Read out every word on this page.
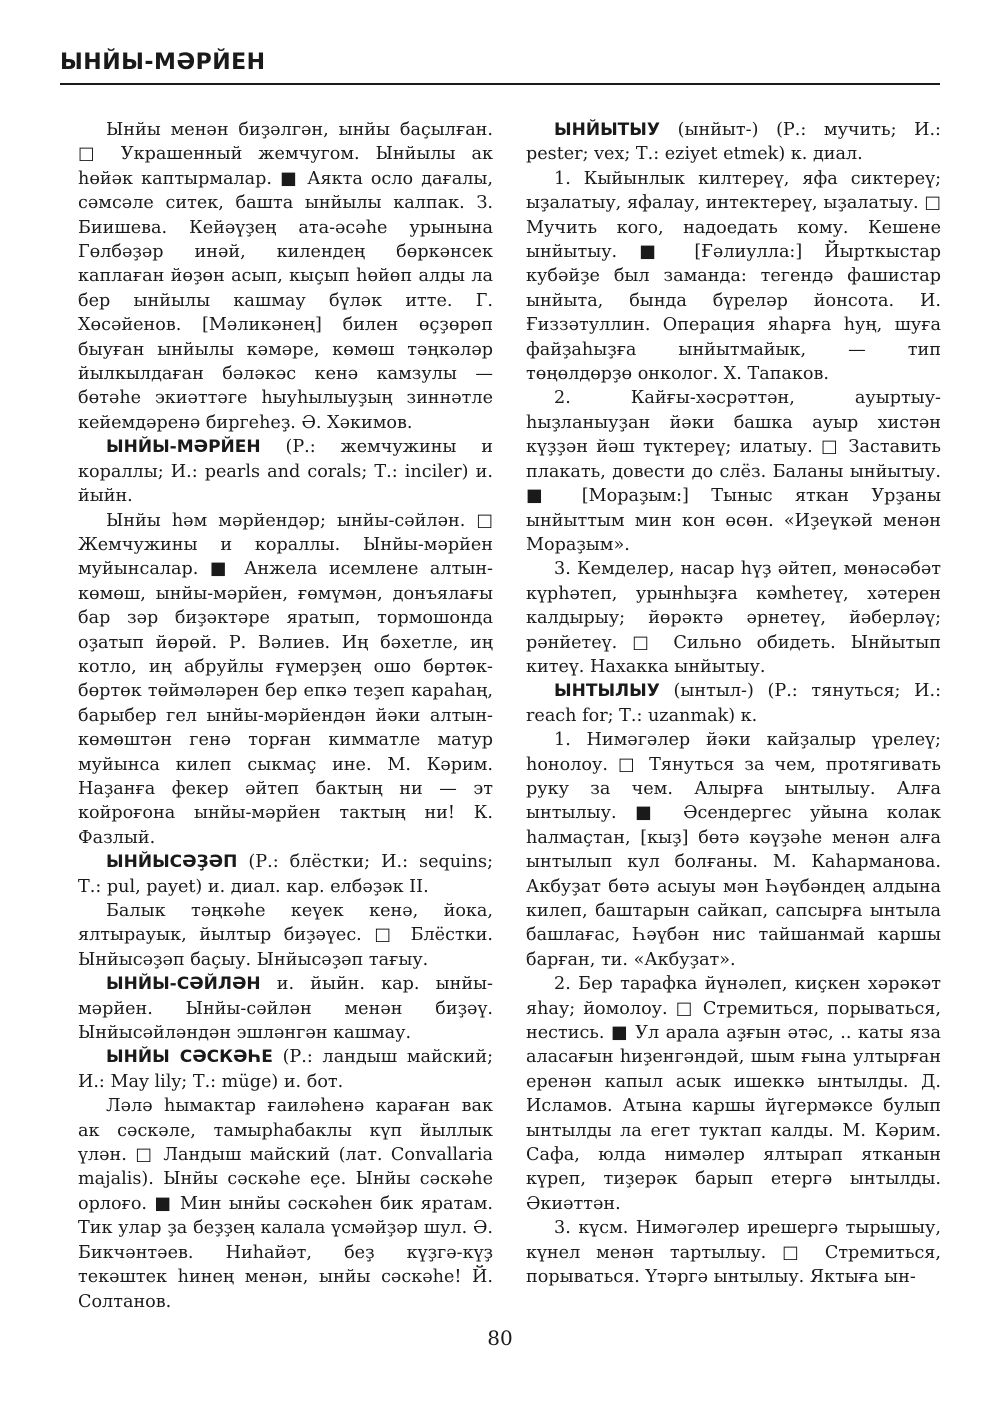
ЫНЙЫ-МӘРЙЕН

Ынйы менән биҙәлгән, ынйы баҫылған. □ Украшенный жемчугом. Ынйылы ак һөйәк каптырмалар. ■ Аякта осло дағалы, сәмсәле ситек, башта ынйылы калпак. З. Биишева. Кейәүҙең ата-әсәһе урынына Гөлбәҙәр инәй, килендең бөркәнсек каплаған йөҙөн асып, кыҫып һөйөп алды ла бер ынйылы кашмау бүләк итте. Г. Хөсәйенов. [Мәликәнең] билен өҫҙөрөп быуған ынйылы кәмәре, көмөш тәңкәләр йылкылдаған бәләкәс кенә камзулы — бөтәһе экиәттәге һыуһылыуҙың зиннәтле кейемдәренә биргеһеҙ. Ә. Хәкимов.

ЫНЙЫ-МӘРЙЕН (Р.: жемчужины и кораллы; И.: pearls and corals; Т.: inciler) и. йыйн.

Ынйы һәм мәрйендәр; ынйы-сәйлән. □ Жемчужины и кораллы. Ынйы-мәрйен муйынсалар. ■ Анжела исемлене алтын-көмөш, ынйы-мәрйен, ғөмүмән, донъялағы бар зәр биҙәктәре яратып, тормошонда оҙатып йөрөй. Р. Вәлиев. Иң бәхетле, иң котло, иң абруйлы ғүмерҙең ошо бөртөк-бөртөк төймәләрен бер епкә теҙеп караһаң, барыбер гел ынйы-мәрйендән йәки алтын-көмөштән генә торған кимматле матур муйынса килеп сыкмаҫ ине. М. Кәрим. Наҙанға фекер әйтеп бактың ни — эт койроғона ынйы-мәрйен тактың ни! К. Фазлый.

ЫНЙЫСӘҘӘП (Р.: блёстки; И.: sequins; Т.: pul, payet) и. диал. кар. елбәҙәк II.

Балык тәңкәһе кеүек кенә, йока, ялтырауык, йылтыр биҙәүес. □ Блёстки. Ынйысәҙәп баҫыу. Ынйысәҙәп тағыу.

ЫНЙЫ-СӘЙЛӘН и. йыйн. кар. ынйы-мәрйен. Ынйы-сәйлән менән биҙәү. Ынйысәйләндән эшләнгән кашмау.

ЫНЙЫ СӘСКӘҺЕ (Р.: ландыш майский; И.: May lily; Т.: müge) и. бот.

Ләлә һымактар ғаиләһенә караған вак ак сәскәле, тамырһабаклы күп йыллык үлән. □ Ландыш майский (лат. Convallaria majalis). Ынйы сәскәһе еҫе. Ынйы сәскәһе орлоғо. ■ Мин ынйы сәскәһен бик яратам. Тик улар ҙа беҙҙең калала үсмәйҙәр шул. Ә. Бикчәнтәев. Ниһайәт, беҙ күҙгә-күҙ текәштек һинең менән, ынйы сәскәһе! Й. Солтанов.

ЫНЙЫТЫУ (ынйыт-) (Р.: мучить; И.: pester; vex; Т.: eziyet etmek) к. диал.

1. Кыйынлык килтереү, яфа сиктереү; ыҙалатыу, яфалау, интектереү, ыҙалатыу. □ Мучить кого, надоедать кому. Кешене ынйытыу. ■ [Ғәлиулла:] Йырткыстар кубәйҙе был заманда: тегендә фашистар ынйыта, бында бүреләр йонсота. И. Ғиззәтуллин. Операция яһарға һуң, шуға файҙаһыҙға ынйытмайык, — тип төңөлдөрҙө онколог. Х. Тапаков.

2. Кайғы-хәсрәттән, ауыртыу-һыҙланыуҙан йәки башка ауыр хистән күҙҙән йәш түктереү; илатыу. □ Заставить плакать, довести до слёз. Баланы ынйытыу. ■ [Мораҙым:] Тыныс яткан Урҙаны ынйыттым мин кон өсөн. «Иҙеүкәй менән Мораҙым».

3. Кемделер, насар һүҙ әйтеп, мөнәсәбәт күрһәтеп, урынһыҙға кәмһетеү, хәтерен калдырыу; йөрәктә әрнетеү, йәберләү; рәнйетеү. □ Сильно обидеть. Ынйытып китеү. Нахакка ынйытыу.

ЫНТЫЛЫУ (ынтыл-) (Р.: тянуться; И.: reach for; Т.: uzanmak) к.

1. Нимәгәлер йәки кайҙалыр үрелеү; һонолоу. □ Тянуться за чем, протягивать руку за чем. Алырға ынтылыу. Алға ынтылыу. ■ Әсендергес уйына колак һалмаҫтан, [кыҙ] бөтә кәүҙәһе менән алға ынтылып кул болғаны. М. Каһарманова. Акбуҙат бөтә асыуы мән Һәүбәндең алдына килеп, баштарын сайкап, сапсырға ынтыла башлағас, Һәүбән нис тайшанмай каршы барған, ти. «Акбуҙат».

2. Бер тарафка йүнәлеп, киҫкен хәрәкәт яһау; йомолоу. □ Стремиться, порываться, нестись. ■ Ул арала аҙғын әтәс, .. каты яза аласағын һиҙенгәндәй, шым ғына ултырған еренән капыл асык ишеккә ынтылды. Д. Исламов. Атына каршы йүгермәксе булып ынтылды ла егет туктап калды. М. Кәрим. Сафа, юлда нимәлер ялтырап ятканын күреп, тиҙерәк барып етергә ынтылды. Әкиәттән.

3. күсм. Нимәгәлер ирешергә тырышыу, күнел менән тартылыу. □ Стремиться, порываться. Үтәргә ынтылыу. Яктыға ын-

80
